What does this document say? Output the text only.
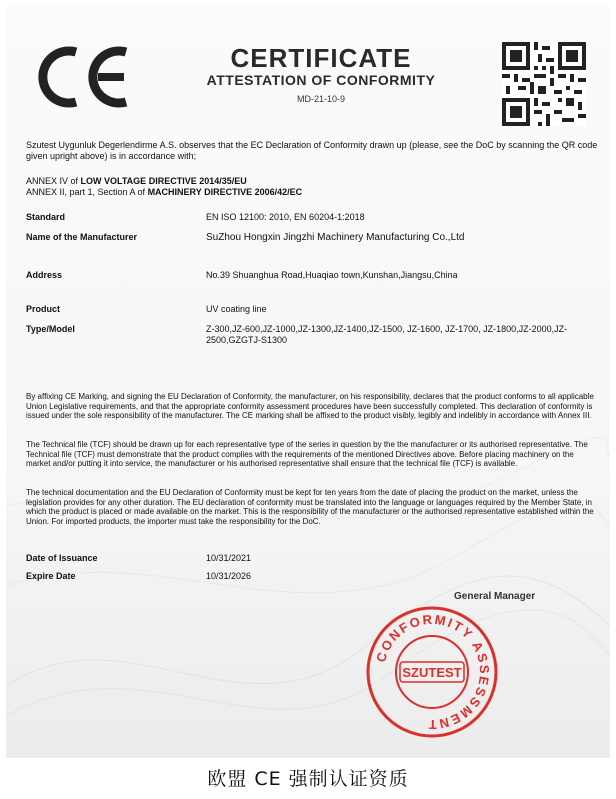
CERTIFICATE
ATTESTATION OF CONFORMITY
MD-21-10-9
Szutest Uygunluk Degerlendirme A.S. observes that the EC Declaration of Conformity drawn up (please, see the DoC by scanning the QR code given upright above) is in accordance with;
ANNEX IV of LOW VOLTAGE DIRECTIVE 2014/35/EU
ANNEX II, part 1, Section A of MACHINERY DIRECTIVE 2006/42/EC
Standard	EN ISO 12100: 2010, EN 60204-1:2018
Name of the Manufacturer	SuZhou Hongxin Jingzhi Machinery Manufacturing Co.,Ltd
Address	No.39 Shuanghua Road,Huaqiao town,Kunshan,Jiangsu,China
Product	UV coating line
Type/Model	Z-300,JZ-600,JZ-1000,JZ-1300,JZ-1400,JZ-1500, JZ-1600, JZ-1700, JZ-1800,JZ-2000,JZ-2500,GZGTJ-S1300
By affixing CE Marking, and signing the EU Declaration of Conformity, the manufacturer, on his responsibility, declares that the product conforms to all applicable Union Legislative requirements, and that the appropriate conformity assessment procedures have been successfully completed. This declaration of conformity is issued under the sole responsibility of the manufacturer. The CE marking shall be affixed to the product visibly, legibly and indelibly in accordance with Annex III.
The Technical file (TCF) should be drawn up for each representative type of the series in question by the the manufacturer or its authorised representative. The Technical file (TCF) must demonstrate that the product complies with the requirements of the mentioned Directives above. Before placing machinery on the market and/or putting it into service, the manufacturer or his authorised representative shall ensure that the technical file (TCF) is available.
The technical documentation and the EU Declaration of Conformity must be kept for ten years from the date of placing the product on the market, unless the legislation provides for any other duration. The EU declaration of conformity must be translated into the language or languages required by the Member State, in which the product is placed or made available on the market. This is the responsibility of the manufacturer or the authorised representative established within the Union. For imported products, the importer must take the responsibility for the DoC.
Date of Issuance	10/31/2021
Expire Date	10/31/2026
General Manager
CONFORMITY ASSESSMENT
SZUTEST
欧盟 CE 强制认证资质
